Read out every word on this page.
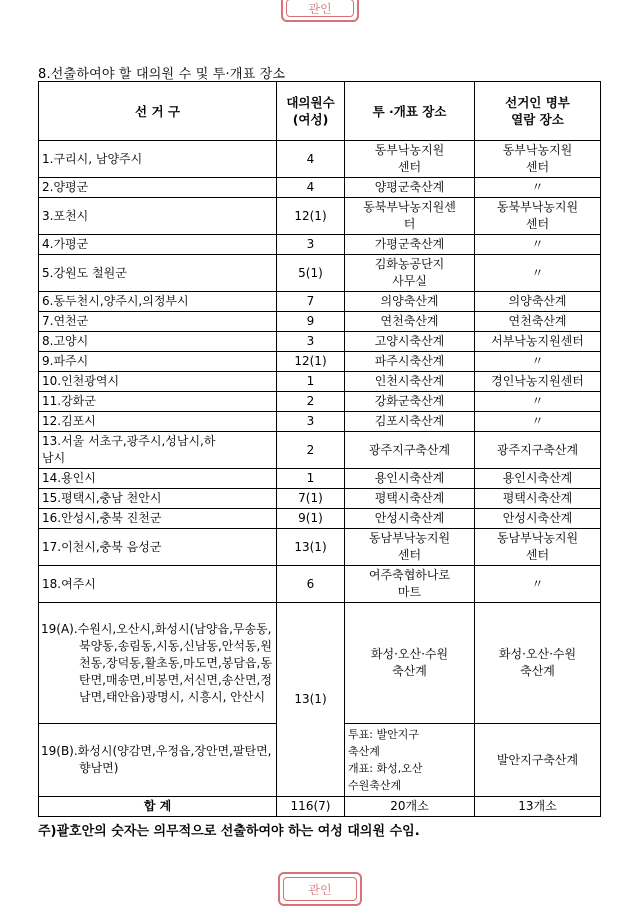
관인
8.선출하여야 할 대의원 수 및 투·개표 장소
선 거 구	대의원수
(여성)	투 ·개표 장소	선거인 명부
열람 장소
1.구리시, 남양주시	4	동부낙농지원
센터	동부낙농지원
센터
2.양평군	4	양평군축산계	〃
3.포천시	12(1)	동북부낙농지원센
터	동북부낙농지원
센터
4.가평군	3	가평군축산계	〃
5.강원도 철원군	5(1)	김화농공단지
사무실	〃
6.동두천시,양주시,의정부시	7	의양축산계	의양축산계
7.연천군	9	연천축산계	연천축산계
8.고양시	3	고양시축산계	서부낙농지원센터
9.파주시	12(1)	파주시축산계	〃
10.인천광역시	1	인천시축산계	경인낙농지원센터
11.강화군	2	강화군축산계	〃
12.김포시	3	김포시축산계	〃
13.서울 서초구,광주시,성남시,하
남시	2	광주지구축산계	광주지구축산계
14.용인시	1	용인시축산계	용인시축산계
15.평택시,충남 천안시	7(1)	평택시축산계	평택시축산계
16.안성시,충북 진천군	9(1)	안성시축산계	안성시축산계
17.이천시,충북 음성군	13(1)	동남부낙농지원
센터	동남부낙농지원
센터
18.여주시	6	여주축협하나로
마트	〃
19(A).수원시,오산시,화성시(남양읍,무송동,북양동,송림동,시동,신남동,안석동,원천동,장덕동,활초동,마도면,봉담읍,동탄면,매송면,비봉면,서신면,송산면,정남면,태안읍)광명시, 시흥시, 안산시	13(1)	화성·오산·수원
축산계	화성·오산·수원
축산계
19(B).화성시(양감면,우정읍,장안면,팔탄면,향남면)		투표: 발안지구
축산계
개표: 화성,오산
수원축산계	발안지구축산계
합 계	116(7)	20개소	13개소
주)괄호안의 숫자는 의무적으로 선출하여야 하는 여성 대의원 수임.
관인
